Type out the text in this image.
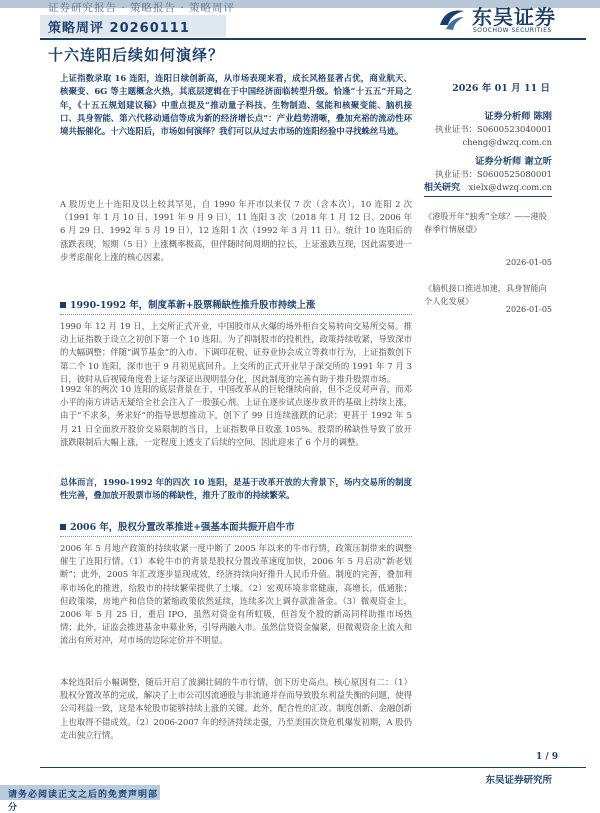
证券研究报告 · 策略报告 · 策略周评	东吴证券
SOOCHOW SECURITIES
策略周评 20260111
十六连阳后续如何演绎？
上证指数录取 16 连阳，连阳日续创新高，从市场表现来看，成长风格显著占优，商业航天、核聚变、6G 等主题概念火热，其底层逻辑在于中国经济面临转型升级。恰逢“十五五”开局之年，《十五五规划建议稿》中重点提及“推动量子科技、生物制造、氢能和核聚变能、脑机接口、具身智能、第六代移动通信等成为新的经济增长点”：产业趋势清晰，叠加充裕的流动性环境共振催化。十六连阳后，市场如何演绎？我们可以从过去市场的连阳经验中寻找蛛丝马迹。
A 股历史上十连阳及以上较其罕见，自 1990 年开市以来仅 7 次（含本次），10 连阳 2 次（1991 年 1 月 10 日、1991 年 9 月 9 日），11 连阳 3 次（2018 年 1 月 12 日、2006 年 6 月 29 日、1992 年 5 月 19 日），12 连阳 1 次（1992 年 3 月 11 日）。统计 10 连阳后的涨跌表现，短期（5 日）上涨概率极高，但伴随时间周期的拉长，上证涨跌互现，因此需要进一步考虑催化上涨的核心因素。
1990-1992 年，制度革新+股票稀缺性推升股市持续上涨
1990 年 12 月 19 日，上交所正式开业，中国股市从火爆的场外柜台交易转向交易所交易。推动上证指数于设立之初创下第一个 10 连阳。为了抑制股市的投机性，政策持续收紧，导致深市的大幅调整；伴随“调节基金”的入市、下调印花税、证券业协会成立等救市行为，上证指数创下第二个 10 连阳，深市也于 9 月初见底回升。上交所的正式开业早于深交所的 1991 年 7 月 3 日，彼时从后视镜角度看上证与深证出现明显分化，因此制度的完善有助于推升股票市场。
1992 年的两次 10 连阳的底层背景在于，中国改革从的巨轮继续向前，但不乏反对声音，而邓小平的南方讲话无疑给全社会注入了一股强心剂。上证在逐步试点逐步放开的基础上持续上涨，由于“不求多，务求好”的指导思想推动下，创下了 99 日连续涨跌的记录；更甚于 1992 年 5 月 21 日全面放开股价交易限制的当日，上证指数单日收涨 105%。股票的稀缺性导致了放开涨跌限制后大幅上涨，一定程度上透支了后续的空间，因此迎来了 6 个月的调整。
总体而言，1990-1992 年的四次 10 连阳，是基于改革开放的大背景下，场内交易所的制度性完善，叠加放开股票市场的稀缺性，推升了股市的持续繁荣。
2006 年，股权分置改革推进+强基本面共振开启牛市
2006 年 5 月地产政策的持续收紧一度中断了 2005 年以来的牛市行情，政策压制带来的调整催生了连阳行情。（1）本轮牛市的背景是股权分置改革速度加快，2006 年 5 月启动“新老划断”；此外，2005 年汇改逐步显现成效，经济持续向好推升人民币升值。制度的完善，叠加利率市场化的推进，给股市的持续繁荣提供了土壤。（2）宏观环境非常健康，高增长，低通胀；但政策端，房地产和信贷的紧缩政策依然延续，连续多次上调存款准备金。（3）微观资金上，2006 年 5 月 25 日，重启 IPO，虽然对资金有所虹吸，但首发个股的新高同样助推市场热情；此外，证监会推进基金申募业务，引导两融入市。虽然信贷资金偏紧，但微观资金上流入和流出有所对冲，对市场的边际定价并不明显。
本轮连阳后小幅调整，随后开启了波澜壮阔的牛市行情，创下历史高点。核心原因有二：（1）股权分置改革的完成，解决了上市公司因流通股与非流通并存而导致股东利益失衡的问题，使得公司利益一致，这是本轮股市能够持续上涨的关键。此外，配合性的汇改、制度创新、金融创新上也取得不错成效。（2）2006-2007 年的经济持续走强，乃至美国次贷危机爆发初期，A 股仍走出独立行情。
2026 年 01 月 11 日
证券分析师 陈刚
执业证书：S0600523040001
cheng@dwzq.com.cn
证券分析师 谢立昕
执业证书：S0600525080001
xielx@dwzq.com.cn
相关研究
《港股开年“独秀”全球？——港股春季行情展望》
2026-01-05
《脑机接口推进加速，具身智能向个人化发展》
2026-01-05
1 / 9
东吴证券研究所
请务必阅读正文之后的免责声明部分
